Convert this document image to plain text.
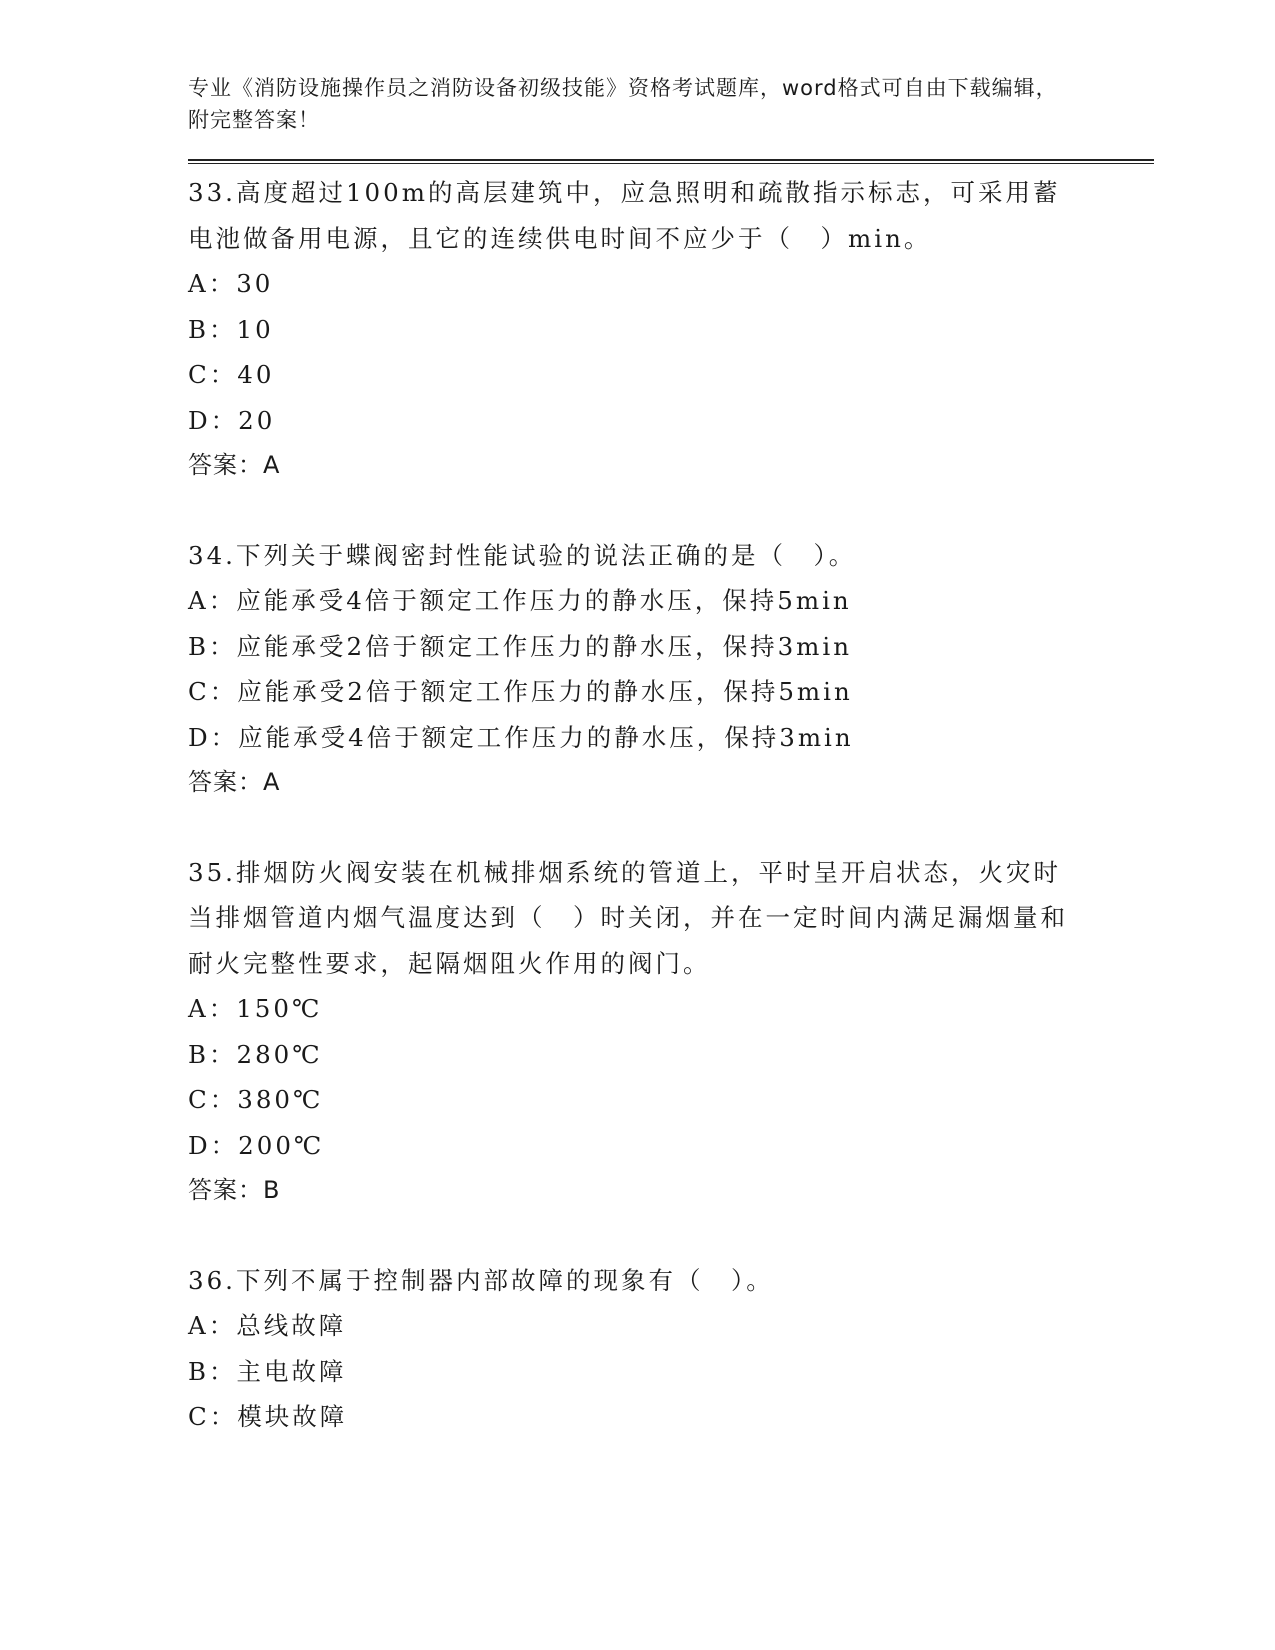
专业《消防设施操作员之消防设备初级技能》资格考试题库，word格式可自由下载编辑，附完整答案！
33.高度超过100m的高层建筑中，应急照明和疏散指示标志，可采用蓄电池做备用电源，且它的连续供电时间不应少于（　）min。
A：30
B：10
C：40
D：20
答案：A
34.下列关于蝶阀密封性能试验的说法正确的是（　）。
A：应能承受4倍于额定工作压力的静水压，保持5min
B：应能承受2倍于额定工作压力的静水压，保持3min
C：应能承受2倍于额定工作压力的静水压，保持5min
D：应能承受4倍于额定工作压力的静水压，保持3min
答案：A
35.排烟防火阀安装在机械排烟系统的管道上，平时呈开启状态，火灾时当排烟管道内烟气温度达到（　）时关闭，并在一定时间内满足漏烟量和耐火完整性要求，起隔烟阻火作用的阀门。
A：150℃
B：280℃
C：380℃
D：200℃
答案：B
36.下列不属于控制器内部故障的现象有（　）。
A：总线故障
B：主电故障
C：模块故障
